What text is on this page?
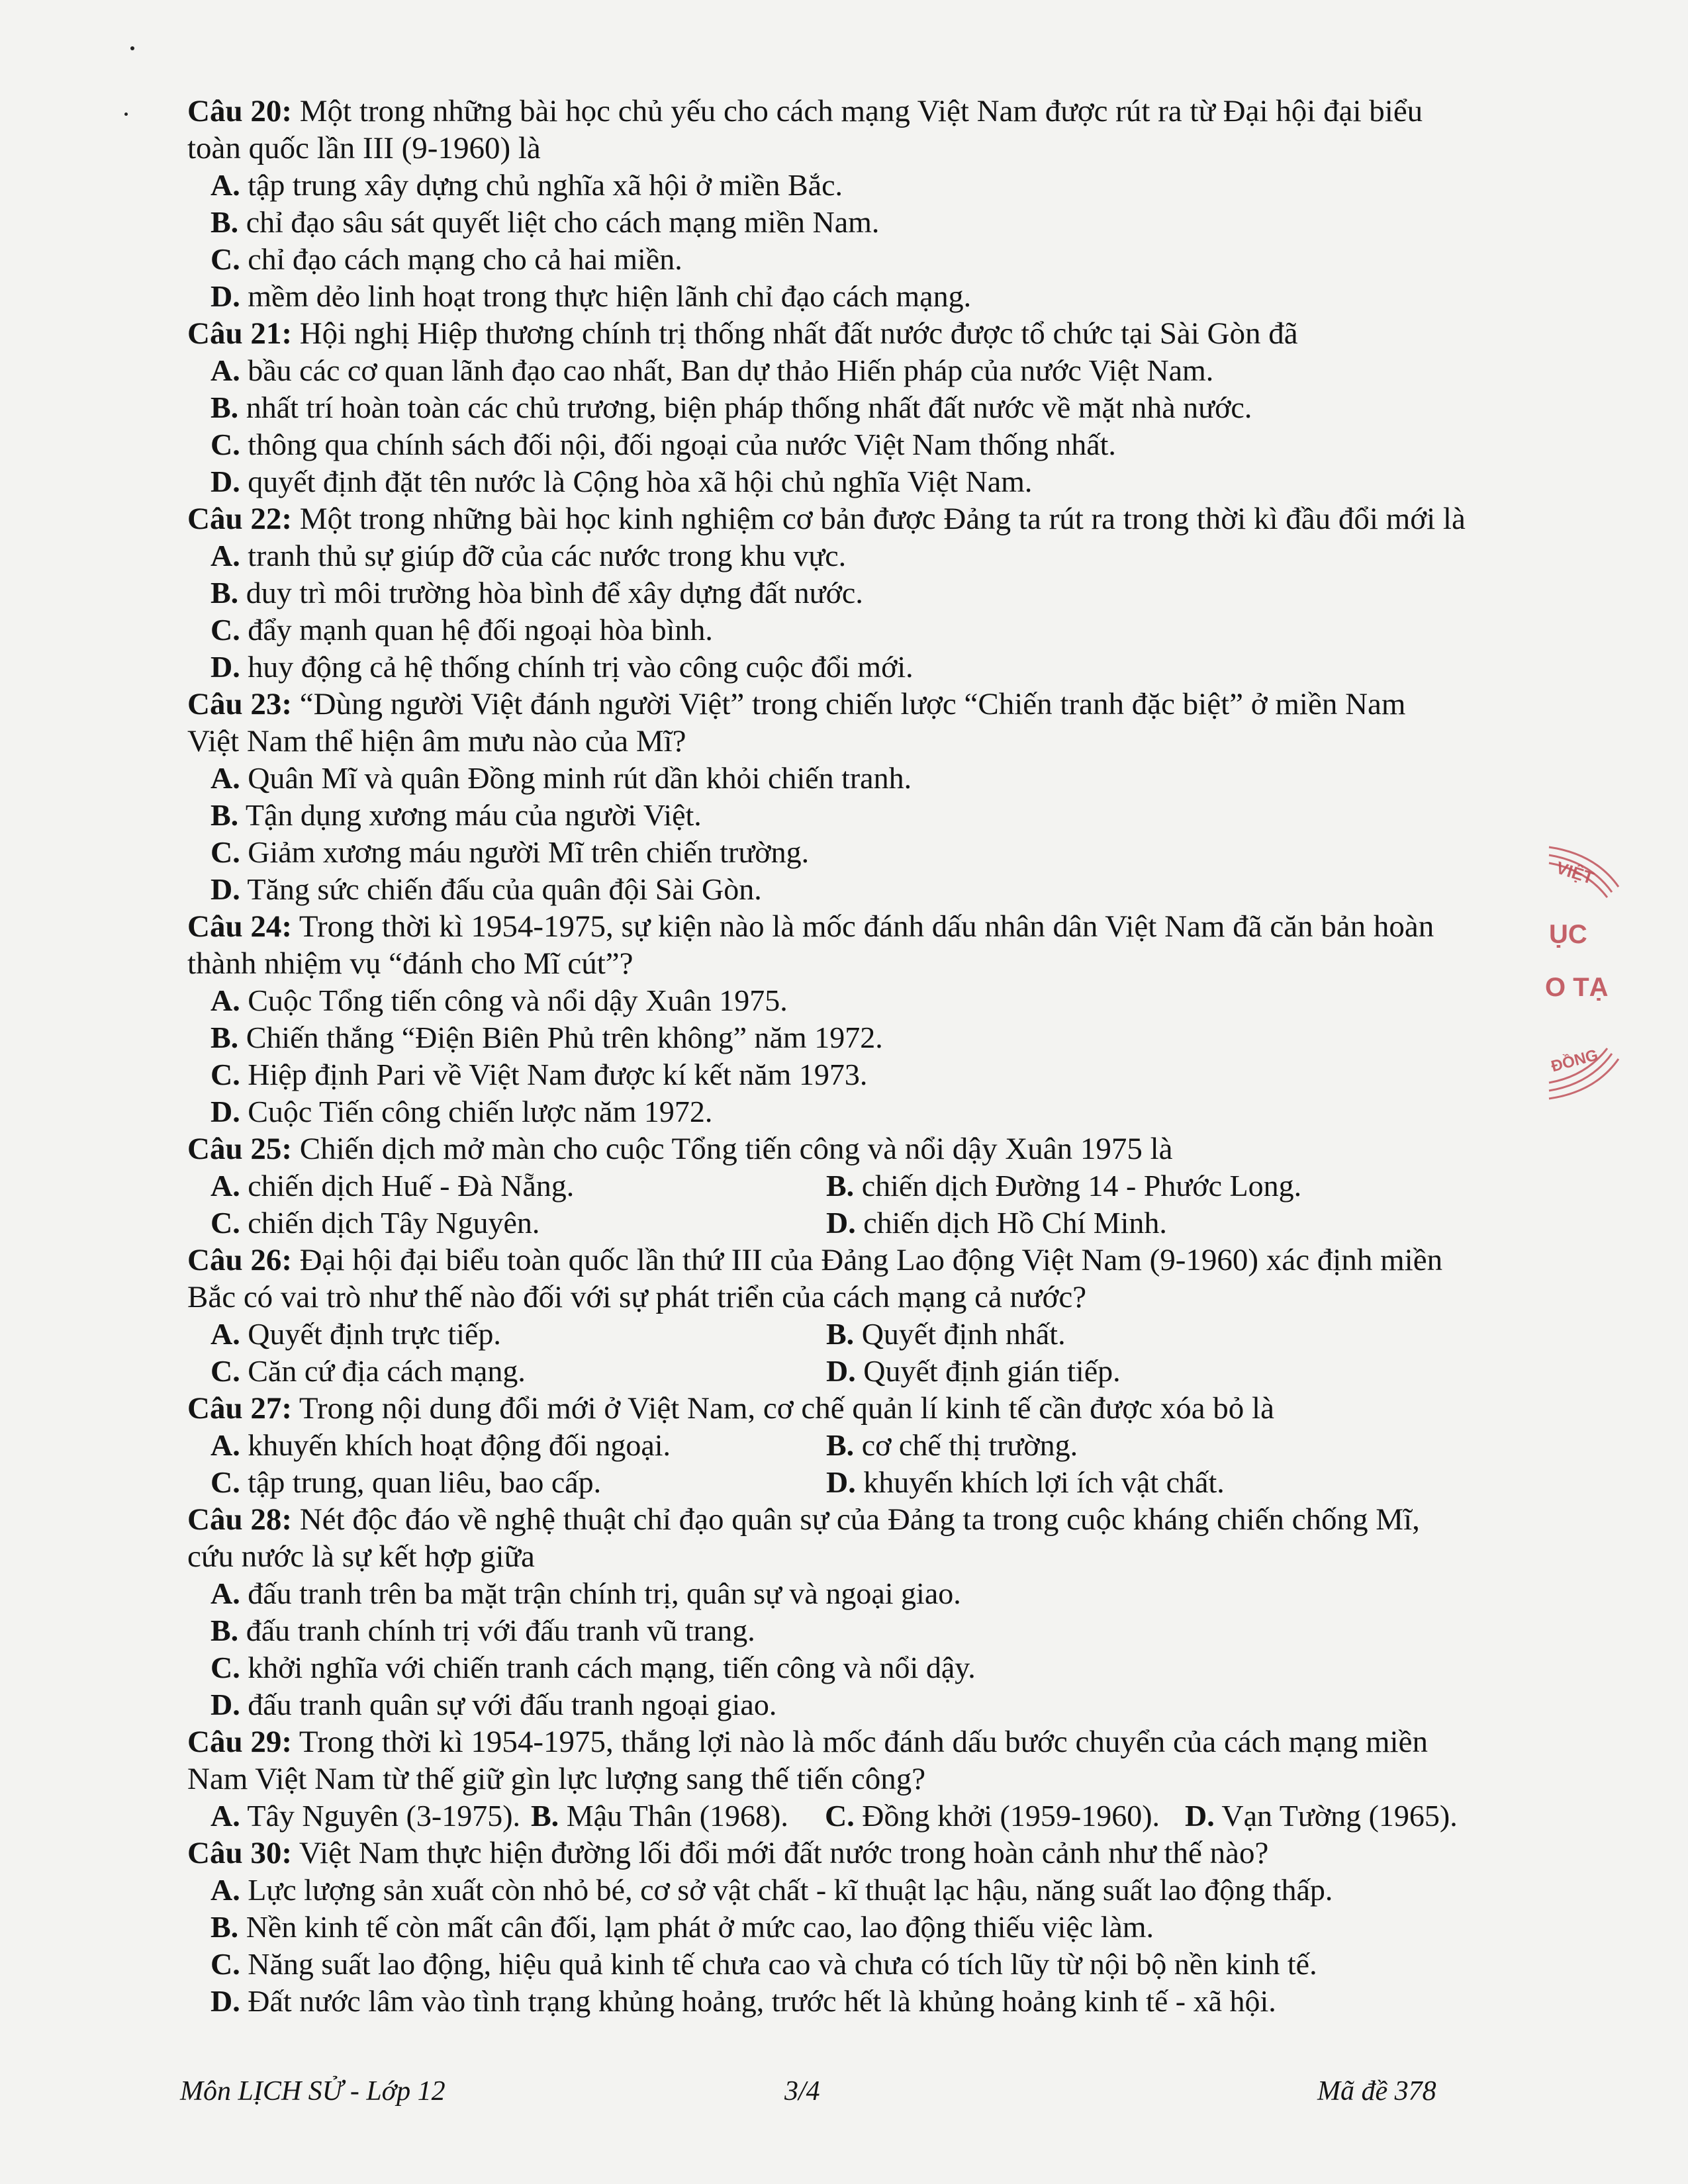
Câu 20: Một trong những bài học chủ yếu cho cách mạng Việt Nam được rút ra từ Đại hội đại biểu
toàn quốc lần III (9-1960) là
A. tập trung xây dựng chủ nghĩa xã hội ở miền Bắc.
B. chỉ đạo sâu sát quyết liệt cho cách mạng miền Nam.
C. chỉ đạo cách mạng cho cả hai miền.
D. mềm dẻo linh hoạt trong thực hiện lãnh chỉ đạo cách mạng.
Câu 21: Hội nghị Hiệp thương chính trị thống nhất đất nước được tổ chức tại Sài Gòn đã
A. bầu các cơ quan lãnh đạo cao nhất, Ban dự thảo Hiến pháp của nước Việt Nam.
B. nhất trí hoàn toàn các chủ trương, biện pháp thống nhất đất nước về mặt nhà nước.
C. thông qua chính sách đối nội, đối ngoại của nước Việt Nam thống nhất.
D. quyết định đặt tên nước là Cộng hòa xã hội chủ nghĩa Việt Nam.
Câu 22: Một trong những bài học kinh nghiệm cơ bản được Đảng ta rút ra trong thời kì đầu đổi mới là
A. tranh thủ sự giúp đỡ của các nước trong khu vực.
B. duy trì môi trường hòa bình để xây dựng đất nước.
C. đẩy mạnh quan hệ đối ngoại hòa bình.
D. huy động cả hệ thống chính trị vào công cuộc đổi mới.
Câu 23: “Dùng người Việt đánh người Việt” trong chiến lược “Chiến tranh đặc biệt” ở miền Nam
Việt Nam thể hiện âm mưu nào của Mĩ?
A. Quân Mĩ và quân Đồng minh rút dần khỏi chiến tranh.
B. Tận dụng xương máu của người Việt.
C. Giảm xương máu người Mĩ trên chiến trường.
D. Tăng sức chiến đấu của quân đội Sài Gòn.
Câu 24: Trong thời kì 1954-1975, sự kiện nào là mốc đánh dấu nhân dân Việt Nam đã căn bản hoàn
thành nhiệm vụ “đánh cho Mĩ cút”?
A. Cuộc Tổng tiến công và nổi dậy Xuân 1975.
B. Chiến thắng “Điện Biên Phủ trên không” năm 1972.
C. Hiệp định Pari về Việt Nam được kí kết năm 1973.
D. Cuộc Tiến công chiến lược năm 1972.
Câu 25: Chiến dịch mở màn cho cuộc Tổng tiến công và nổi dậy Xuân 1975 là
A. chiến dịch Huế - Đà Nẵng.	B. chiến dịch Đường 14 - Phước Long.
C. chiến dịch Tây Nguyên.	D. chiến dịch Hồ Chí Minh.
Câu 26: Đại hội đại biểu toàn quốc lần thứ III của Đảng Lao động Việt Nam (9-1960) xác định miền
Bắc có vai trò như thế nào đối với sự phát triển của cách mạng cả nước?
A. Quyết định trực tiếp.	B. Quyết định nhất.
C. Căn cứ địa cách mạng.	D. Quyết định gián tiếp.
Câu 27: Trong nội dung đổi mới ở Việt Nam, cơ chế quản lí kinh tế cần được xóa bỏ là
A. khuyến khích hoạt động đối ngoại.	B. cơ chế thị trường.
C. tập trung, quan liêu, bao cấp.	D. khuyến khích lợi ích vật chất.
Câu 28: Nét độc đáo về nghệ thuật chỉ đạo quân sự của Đảng ta trong cuộc kháng chiến chống Mĩ,
cứu nước là sự kết hợp giữa
A. đấu tranh trên ba mặt trận chính trị, quân sự và ngoại giao.
B. đấu tranh chính trị với đấu tranh vũ trang.
C. khởi nghĩa với chiến tranh cách mạng, tiến công và nổi dậy.
D. đấu tranh quân sự với đấu tranh ngoại giao.
Câu 29: Trong thời kì 1954-1975, thắng lợi nào là mốc đánh dấu bước chuyển của cách mạng miền
Nam Việt Nam từ thế giữ gìn lực lượng sang thế tiến công?
A. Tây Nguyên (3-1975). B. Mậu Thân (1968). C. Đồng khởi (1959-1960). D. Vạn Tường (1965).
Câu 30: Việt Nam thực hiện đường lối đổi mới đất nước trong hoàn cảnh như thế nào?
A. Lực lượng sản xuất còn nhỏ bé, cơ sở vật chất - kĩ thuật lạc hậu, năng suất lao động thấp.
B. Nền kinh tế còn mất cân đối, lạm phát ở mức cao, lao động thiếu việc làm.
C. Năng suất lao động, hiệu quả kinh tế chưa cao và chưa có tích lũy từ nội bộ nền kinh tế.
D. Đất nước lâm vào tình trạng khủng hoảng, trước hết là khủng hoảng kinh tế - xã hội.
Môn LỊCH SỬ - Lớp 12	3/4	Mã đề 378
VIỆT
ỤC
O TẠ
ĐỒNG
